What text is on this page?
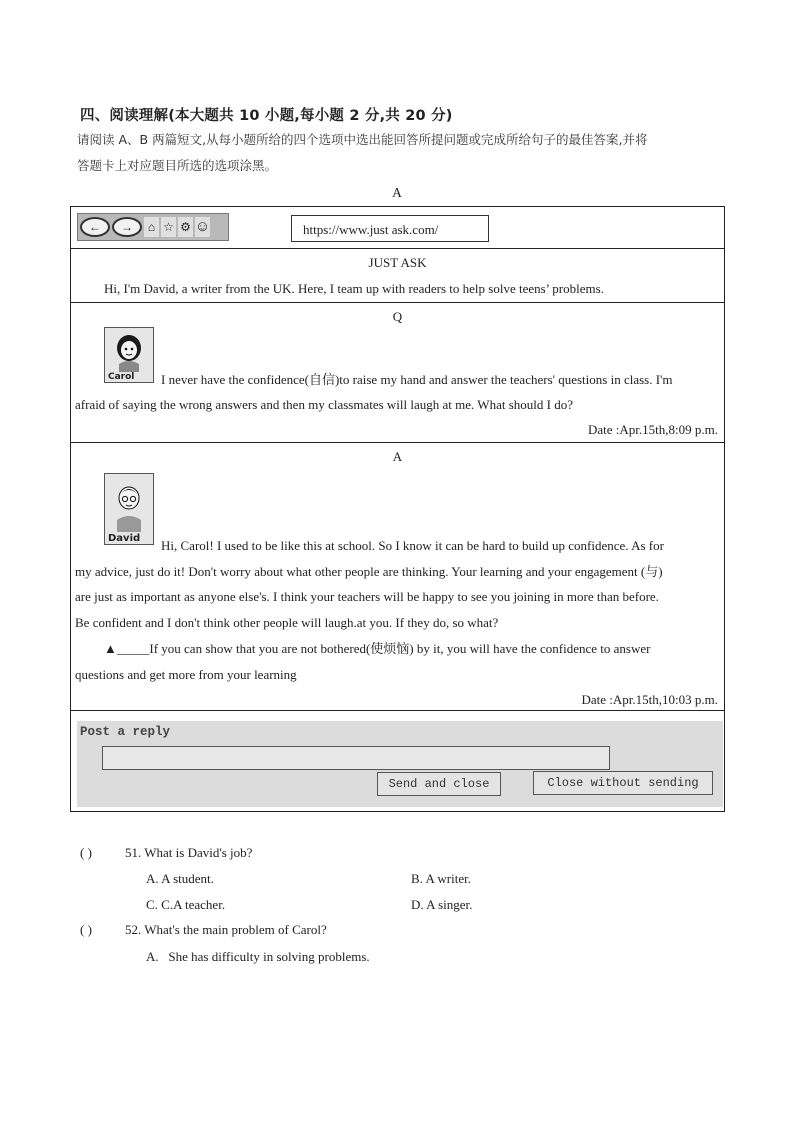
四、阅读理解(本大题共 10 小题,每小题 2 分,共 20 分)
请阅读 A、B 两篇短文,从每小题所给的四个选项中选出能回答所提问题或完成所给句子的最佳答案,并将
答题卡上对应题目所选的选项涂黑。
A
←	→	⌂ ☆ ⚙ ☺	https://www.just ask.com/
JUST ASK
Hi, I'm David, a writer from the UK. Here, I team up with readers to help solve teens’ problems.
Q
Carol I never have the confidence(自信)to raise my hand and answer the teachers' questions in class. I'm
afraid of saying the wrong answers and then my classmates will laugh at me. What should I do?
Date :Apr.15th,8:09 p.m.
A
David Hi, Carol! I used to be like this at school. So I know it can be hard to build up confidence. As for
my advice, just do it! Don't worry about what other people are thinking. Your learning and your engagement (与)
are just as important as anyone else's. I think your teachers will be happy to see you joining in more than before.
Be confident and I don't think other people will laugh.at you. If they do, so what?
▲_____If you can show that you are not bothered(使烦恼) by it, you will have the confidence to answer
questions and get more from your learning
Date :Apr.15th,10:03 p.m.
Post a reply
Send and close	Close without sending
( )	51. What is David's job?
A. A student.	B. A writer.
C. C.A teacher.	D. A singer.
( )	52. What's the main problem of Carol?
A.   She has difficulty in solving problems.
